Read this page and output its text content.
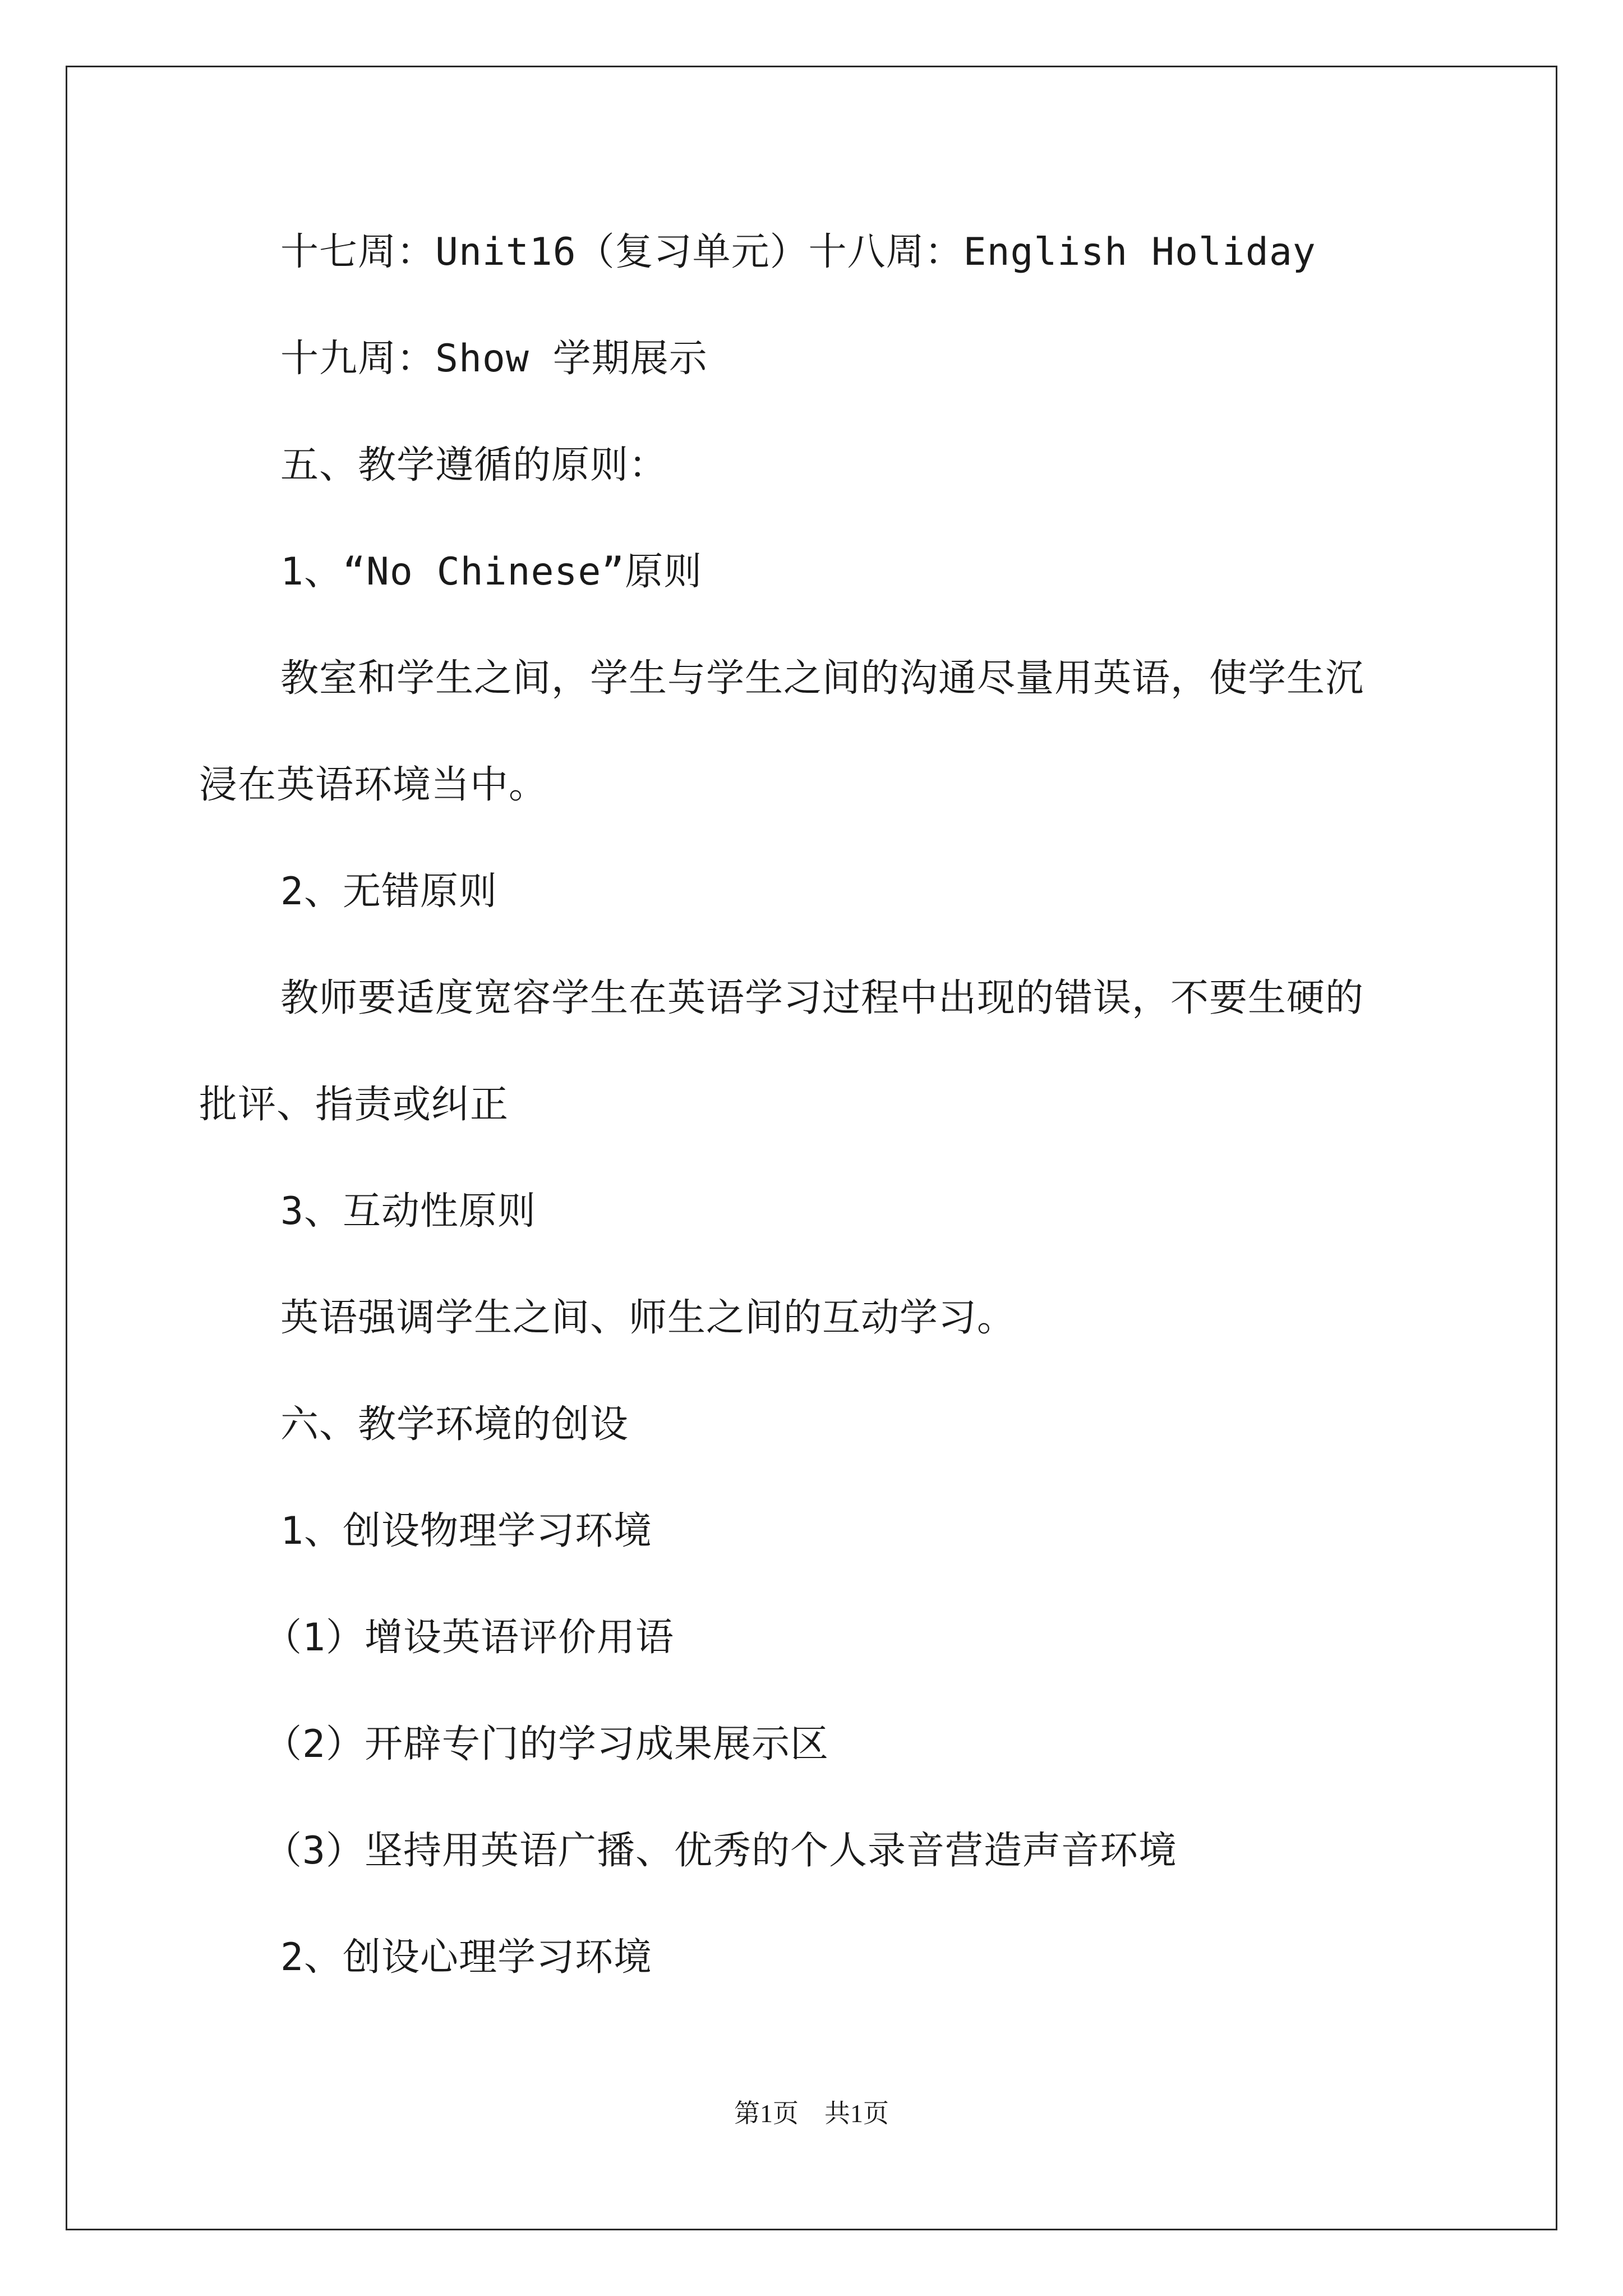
十七周：Unit16（复习单元）十八周：English Holiday
十九周：Show 学期展示
五、教学遵循的原则：
1、“No Chinese”原则
教室和学生之间，学生与学生之间的沟通尽量用英语，使学生沉
浸在英语环境当中。
2、无错原则
教师要适度宽容学生在英语学习过程中出现的错误，不要生硬的
批评、指责或纠正
3、互动性原则
英语强调学生之间、师生之间的互动学习。
六、教学环境的创设
1、创设物理学习环境
（1）增设英语评价用语
（2）开辟专门的学习成果展示区
（3）坚持用英语广播、优秀的个人录音营造声音环境
2、创设心理学习环境
第1页　共1页
